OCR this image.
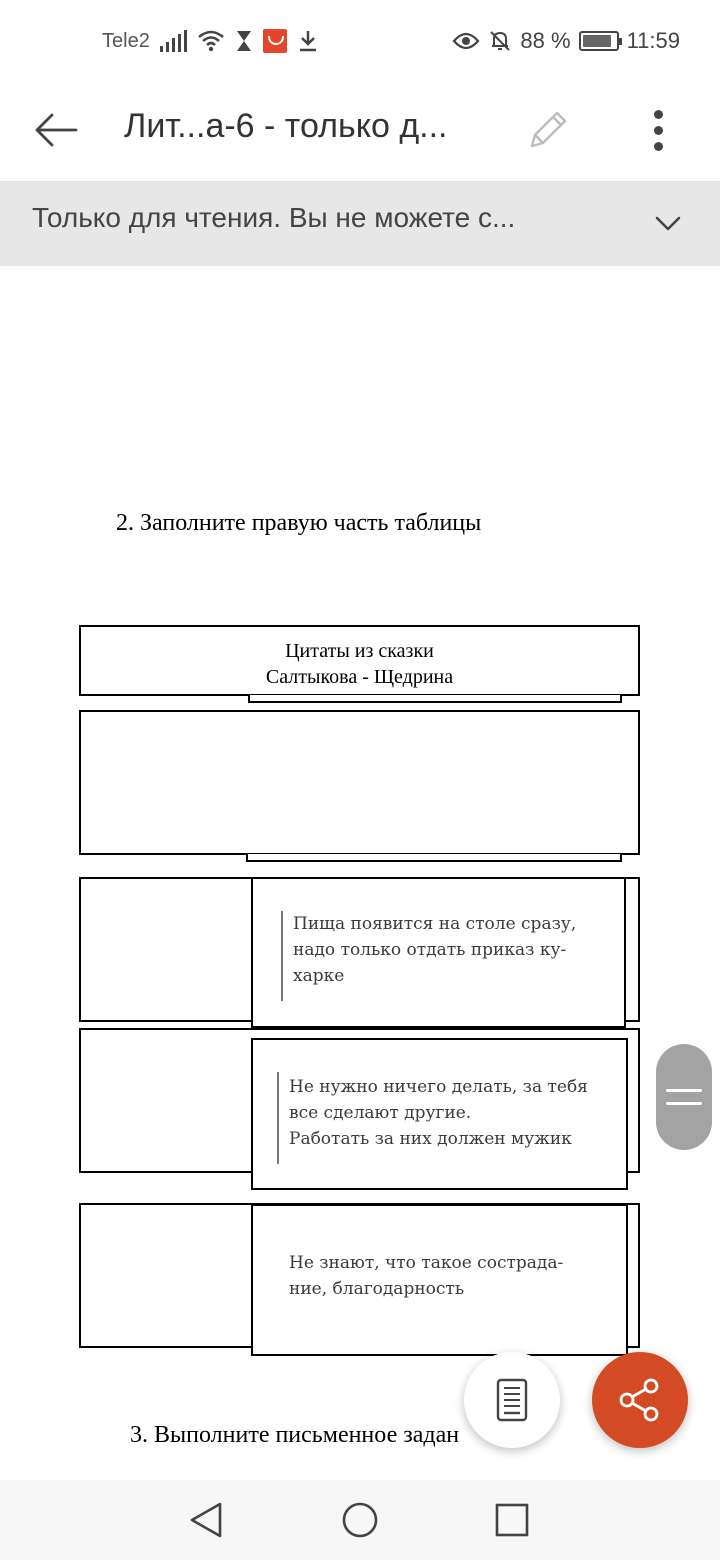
Tele2	88 %	11:59
Лит...а-6 - только д...
Только для чтения. Вы не можете с...
2. Заполните правую часть таблицы
Цитаты из сказки
Салтыкова - Щедрина
Пища появится на столе сразу,
надо только отдать приказ ку-
харке
Не нужно ничего делать, за тебя
все сделают другие.
Работать за них должен мужик
Не знают, что такое сострада-
ние, благодарность
3. Выполните письменное задан
